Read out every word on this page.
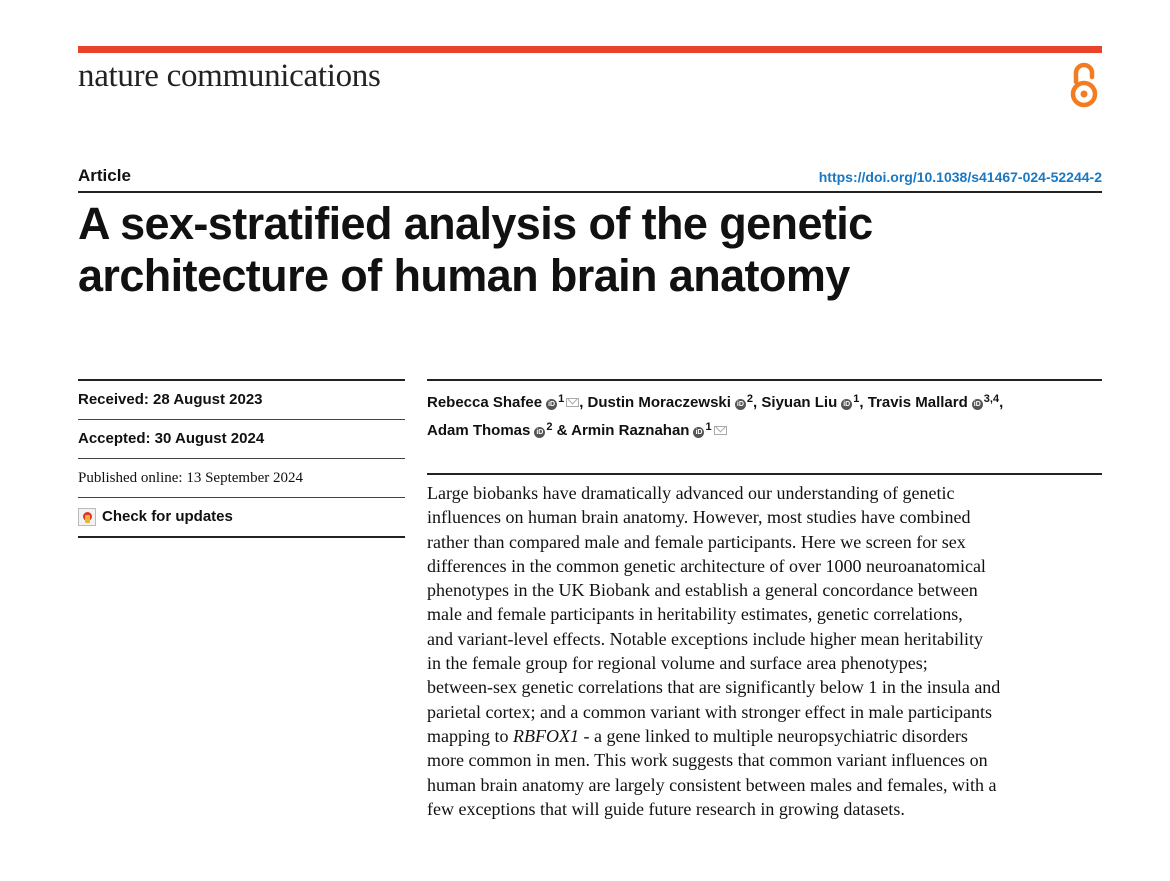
nature communications
Article	https://doi.org/10.1038/s41467-024-52244-2
A sex-stratified analysis of the genetic
architecture of human brain anatomy
Received: 28 August 2023
Accepted: 30 August 2024
Published online: 13 September 2024
Check for updates
Rebecca Shafee iD $^1$ , Dustin Moraczewski iD $^2$, Siyuan Liu iD $^1$, Travis Mallard iD $^{3,4}$,
Adam Thomas iD $^2$ & Armin Raznahan iD $^1$

Large biobanks have dramatically advanced our understanding of genetic
influences on human brain anatomy. However, most studies have combined
rather than compared male and female participants. Here we screen for sex
differences in the common genetic architecture of over 1000 neuroanatomical
phenotypes in the UK Biobank and establish a general concordance between
male and female participants in heritability estimates, genetic correlations,
and variant-level effects. Notable exceptions include higher mean heritability
in the female group for regional volume and surface area phenotypes;
between-sex genetic correlations that are significantly below 1 in the insula and
parietal cortex; and a common variant with stronger effect in male participants
mapping to RBFOX1 - a gene linked to multiple neuropsychiatric disorders
more common in men. This work suggests that common variant influences on
human brain anatomy are largely consistent between males and females, with a
few exceptions that will guide future research in growing datasets.
